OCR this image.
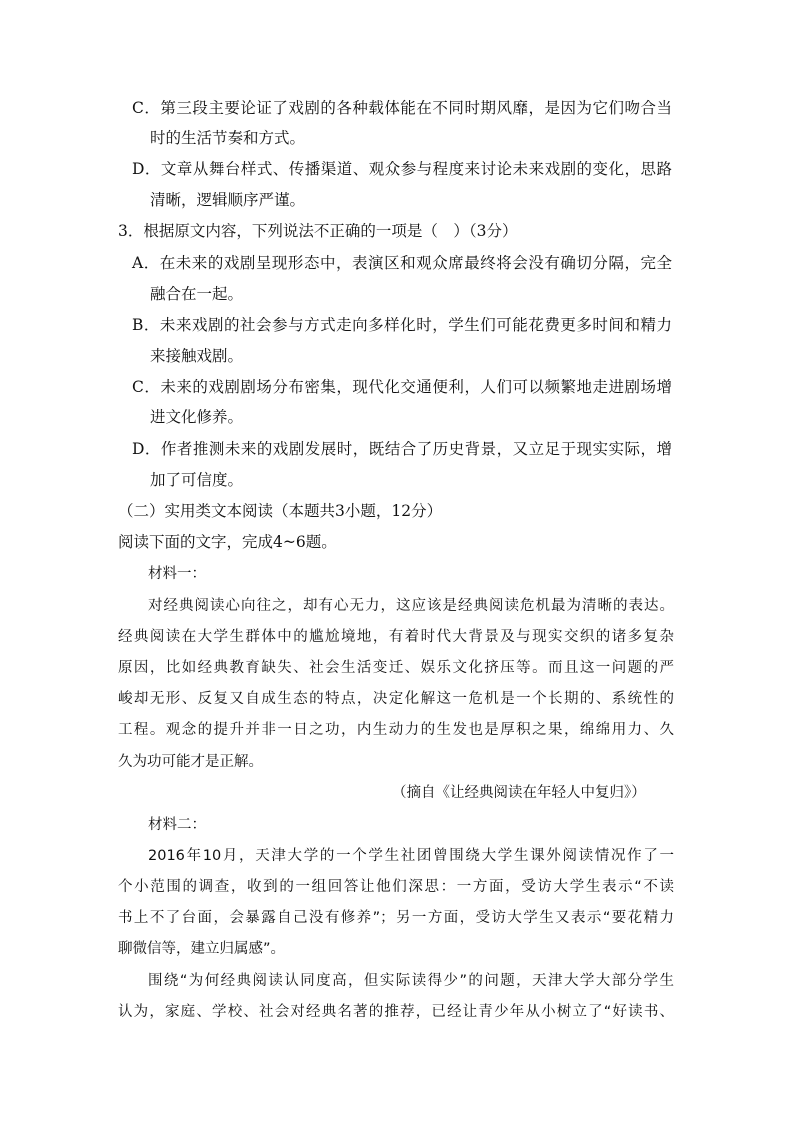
C．第三段主要论证了戏剧的各种载体能在不同时期风靡，是因为它们吻合当
时的生活节奏和方式。
D．文章从舞台样式、传播渠道、观众参与程度来讨论未来戏剧的变化，思路
清晰，逻辑顺序严谨。
3．根据原文内容，下列说法不正确的一项是（　）（3分）
A．在未来的戏剧呈现形态中，表演区和观众席最终将会没有确切分隔，完全
融合在一起。
B．未来戏剧的社会参与方式走向多样化时，学生们可能花费更多时间和精力
来接触戏剧。
C．未来的戏剧剧场分布密集，现代化交通便利，人们可以频繁地走进剧场增
进文化修养。
D．作者推测未来的戏剧发展时，既结合了历史背景，又立足于现实实际，增
加了可信度。
（二）实用类文本阅读（本题共3小题，12分）
阅读下面的文字，完成4~6题。
材料一：
对经典阅读心向往之，却有心无力，这应该是经典阅读危机最为清晰的表达。
经典阅读在大学生群体中的尴尬境地，有着时代大背景及与现实交织的诸多复杂
原因，比如经典教育缺失、社会生活变迁、娱乐文化挤压等。而且这一问题的严
峻却无形、反复又自成生态的特点，决定化解这一危机是一个长期的、系统性的
工程。观念的提升并非一日之功，内生动力的生发也是厚积之果，绵绵用力、久
久为功可能才是正解。
（摘自《让经典阅读在年轻人中复归》）
材料二：
2016年10月，天津大学的一个学生社团曾围绕大学生课外阅读情况作了一
个小范围的调查，收到的一组回答让他们深思：一方面，受访大学生表示“不读
书上不了台面，会暴露自己没有修养”；另一方面，受访大学生又表示“要花精力
聊微信等，建立归属感”。
围绕“为何经典阅读认同度高，但实际读得少”的问题，天津大学大部分学生
认为，家庭、学校、社会对经典名著的推荐，已经让青少年从小树立了“好读书、
